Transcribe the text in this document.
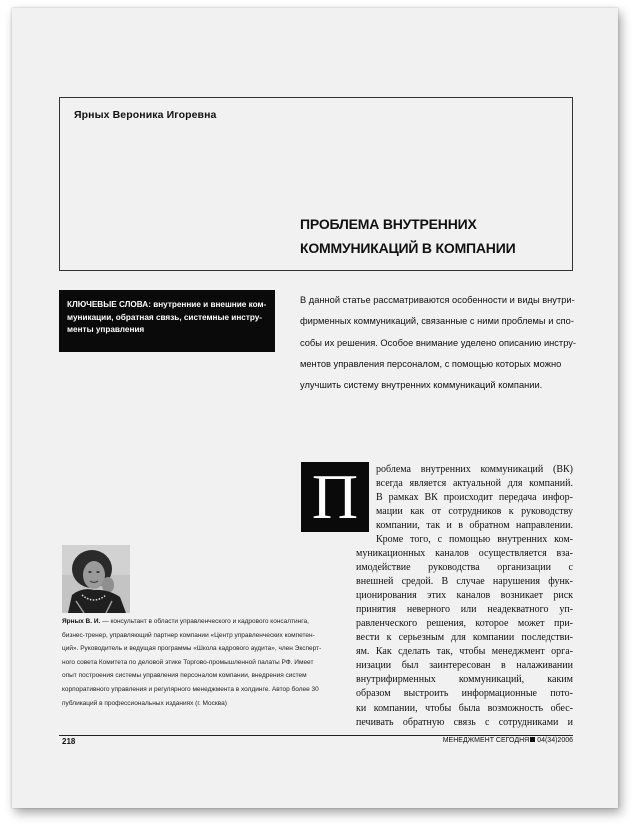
Ярных Вероника Игоревна
ПРОБЛЕМА ВНУТРЕННИХ
КОММУНИКАЦИЙ В КОМПАНИИ
КЛЮЧЕВЫЕ СЛОВА: внутренние и внешние ком-
муникации, обратная связь, системные инстру-
менты управления
В данной статье рассматриваются особенности и виды внутри-
фирменных коммуникаций, связанные с ними проблемы и спо-
собы их решения. Особое внимание уделено описанию инстру-
ментов управления персоналом, с помощью которых можно
улучшить систему внутренних коммуникаций компании.
П	роблема внутренних коммуникаций (ВК)
всегда является актуальной для компаний.
В рамках ВК происходит передача инфор-
мации как от сотрудников к руководству
компании, так и в обратном направлении.
Кроме того, с помощью внутренних ком-
муникационных каналов осуществляется вза-
имодействие руководства организации с
внешней средой. В случае нарушения функ-
ционирования этих каналов возникает риск
принятия неверного или неадекватного уп-
равленческого решения, которое может при-
вести к серьезным для компании последстви-
ям. Как сделать так, чтобы менеджмент орга-
низации был заинтересован в налаживании
внутрифирменных коммуникаций, каким
образом выстроить информационные пото-
ки компании, чтобы была возможность обес-
печивать обратную связь с сотрудниками и
Ярных В. И. — консультант в области управленческого и кадрового консалтинга,
бизнес-тренер, управляющий партнер компании «Центр управленческих компетен-
ций». Руководитель и ведущая программы «Школа кадрового аудита», член Эксперт-
ного совета Комитета по деловой этике Торгово-промышленной палаты РФ. Имеет
опыт построения системы управления персоналом компании, внедрения систем
корпоративного управления и регулярного менеджмента в холдинге. Автор более 30
публикаций в профессиональных изданиях (г. Москва)
218	МЕНЕДЖМЕНТ СЕГОДНЯ 04(34)2006
